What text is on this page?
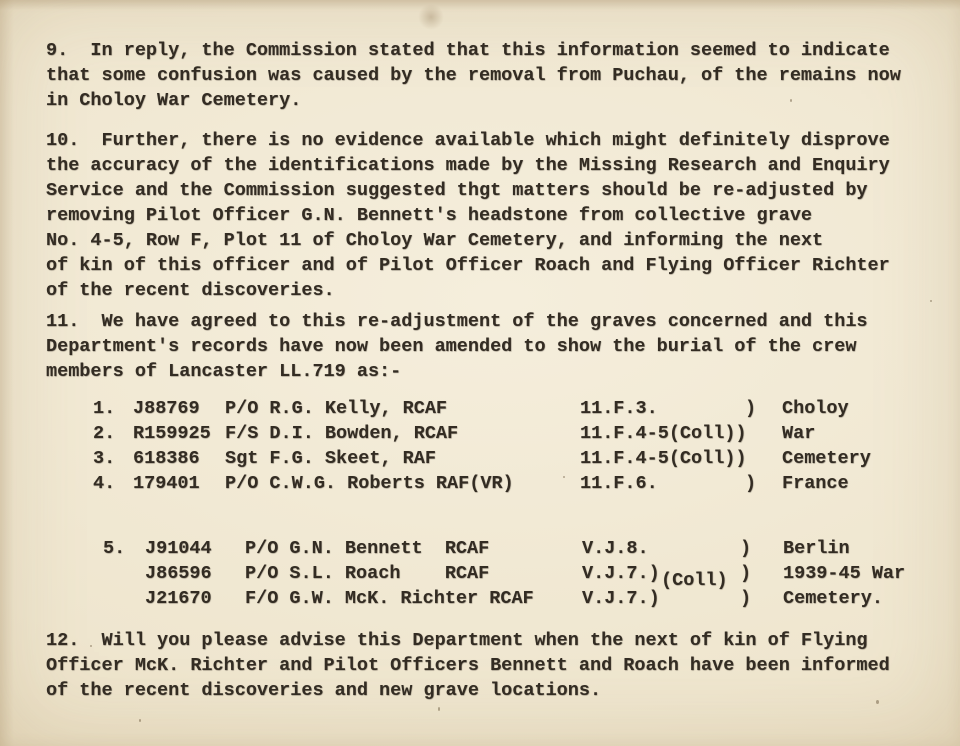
9.  In reply, the Commission stated that this information seemed to indicate
that some confusion was caused by the removal from Puchau, of the remains now
in Choloy War Cemetery.
10.  Further, there is no evidence available which might definitely disprove
the accuracy of the identifications made by the Missing Research and Enquiry
Service and the Commission suggested thgt matters should be re-adjusted by
removing Pilot Officer G.N. Bennett's headstone from collective grave
No. 4-5, Row F, Plot 11 of Choloy War Cemetery, and informing the next
of kin of this officer and of Pilot Officer Roach and Flying Officer Richter
of the recent discoveries.
11.  We have agreed to this re-adjustment of the graves concerned and this
Department's records have now been amended to show the burial of the crew
members of Lancaster LL.719 as:-
1. J88769	P/O R.G. Kelly, RCAF	11.F.3.	)	Choloy
2. R159925 F/S D.I. Bowden, RCAF	11.F.4-5(Coll)) War
3. 618386	Sgt F.G. Skeet, RAF	11.F.4-5(Coll)) Cemetery
4. 179401	P/O C.W.G. Roberts RAF(VR)	11.F.6.	)	France
5.	J91044	P/O G.N. Bennett  RCAF	V.J.8.	)	Berlin
J86596	P/O S.L. Roach    RCAF	V.J.7.)	)	1939-45 War
J21670	F/O G.W. McK. Richter RCAF	V.J.7.)	)	Cemetery.
(Coll)
12.  Will you please advise this Department when the next of kin of Flying
Officer McK. Richter and Pilot Officers Bennett and Roach have been informed
of the recent discoveries and new grave locations.
